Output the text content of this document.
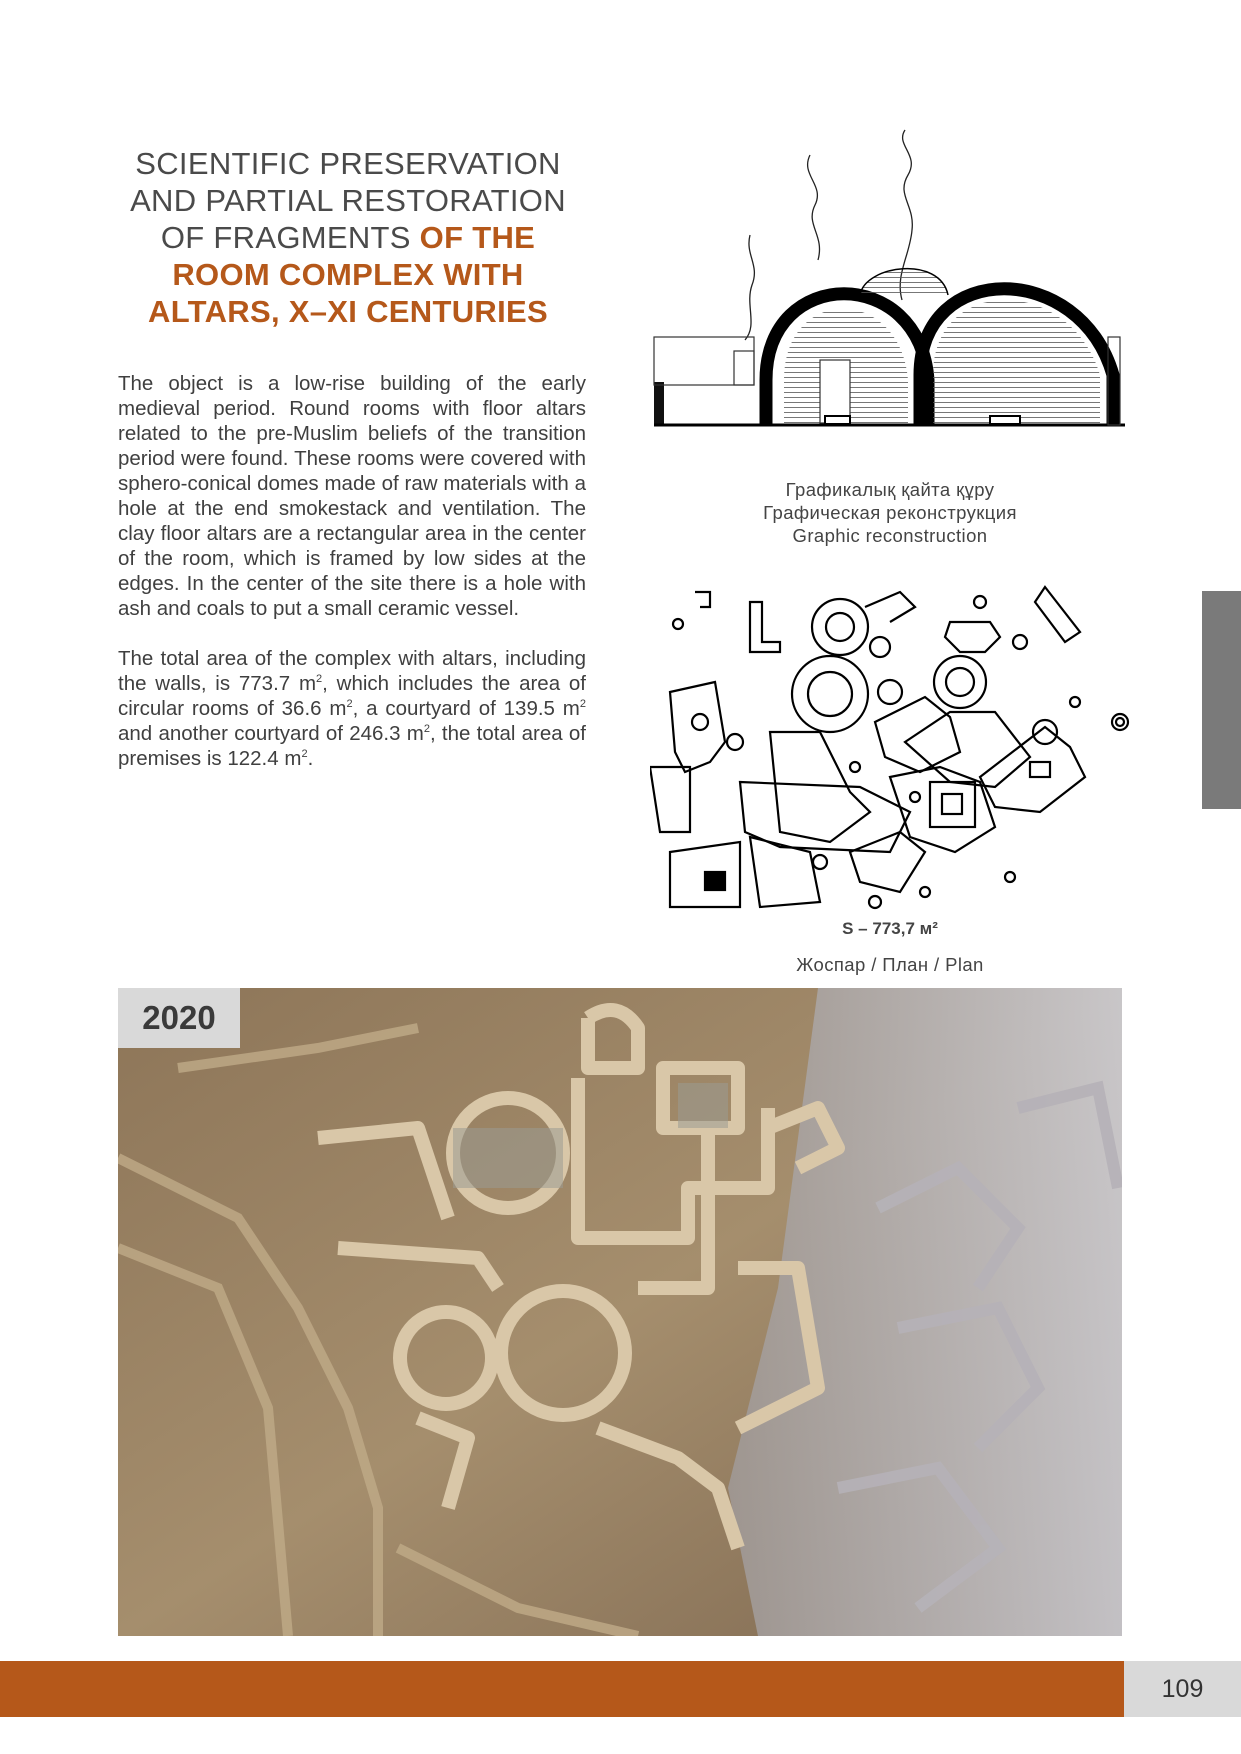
SCIENTIFIC PRESERVATION
AND PARTIAL RESTORATION
OF FRAGMENTS OF THE
ROOM COMPLEX WITH
ALTARS, X–XI CENTURIES

The object is a low-rise building of the early medieval period. Round rooms with floor altars related to the pre-Muslim beliefs of the transition period were found. These rooms were covered with sphero-conical domes made of raw materials with a hole at the end smokestack and ventilation. The clay floor altars are a rectangular area in the center of the room, which is framed by low sides at the edges. In the center of the site there is a hole with ash and coals to put a small ceramic vessel.

The total area of the complex with altars, including the walls, is 773.7 $m^2$, which includes the area of circular rooms of 36.6 $m^2$, a courtyard of 139.5 $m^2$ and another courtyard of 246.3 $m^2$, the total area of premises is 122.4 $m^2$.

Графикалық қайта құру
Графическая реконструкция
Graphic reconstruction
S – 773,7 м²
Жоспар / План / Plan
2020
109
